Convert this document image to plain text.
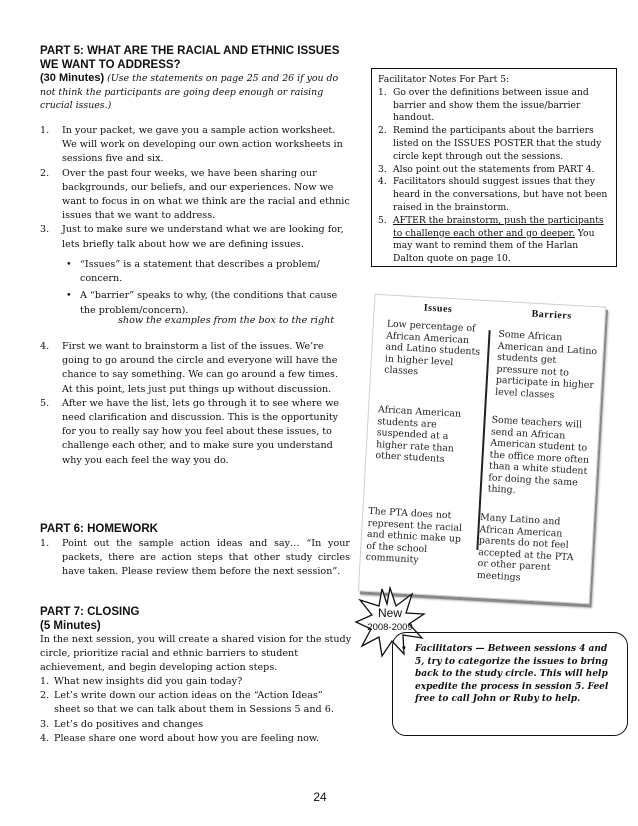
PART 5: WHAT ARE THE RACIAL AND ETHNIC ISSUES WE WANT TO ADDRESS?
(30 Minutes) (Use the statements on page 25 and 26 if you do not think the participants are going deep enough or raising crucial issues.)
1. In your packet, we gave you a sample action worksheet. We will work on developing our own action worksheets in sessions five and six.
2. Over the past four weeks, we have been sharing our backgrounds, our beliefs, and our experiences. Now we want to focus in on what we think are the racial and ethnic issues that we want to address.
3. Just to make sure we understand what we are looking for, lets briefly talk about how we are defining issues.
• “Issues” is a statement that describes a problem/ concern.
• A “barrier” speaks to why, (the conditions that cause the problem/concern).
show the examples from the box to the right
4. First we want to brainstorm a list of the issues. We’re going to go around the circle and everyone will have the chance to say something. We can go around a few times. At this point, lets just put things up without discussion.
5. After we have the list, lets go through it to see where we need clarification and discussion. This is the opportunity for you to really say how you feel about these issues, to challenge each other, and to make sure you understand why you each feel the way you do.
Facilitator Notes For Part 5:
1. Go over the definitions between issue and barrier and show them the issue/barrier handout.
2. Remind the participants about the barriers listed on the ISSUES POSTER that the study circle kept through out the sessions.
3. Also point out the statements from PART 4.
4. Facilitators should suggest issues that they heard in the conversations, but have not been raised in the brainstorm.
5. AFTER the brainstorm, push the participants to challenge each other and go deeper. You may want to remind them of the Harlan Dalton quote on page 10.
Issues	Barriers
Low percentage of African American and Latino students in higher level classes
African American students are suspended at a higher rate than other students
The PTA does not represent the racial and ethnic make up of the school community
Some African American and Latino students get pressure not to participate in higher level classes
Some teachers will send an African American student to the office more often than a white student for doing the same thing.
Many Latino and African American parents do not feel accepted at the PTA or other parent meetings
PART 6: HOMEWORK
1. Point out the sample action ideas and say… “In your packets, there are action steps that other study circles have taken. Please review them before the next session”.
PART 7: CLOSING
(5 Minutes)
In the next session, you will create a shared vision for the study circle, prioritize racial and ethnic barriers to student achievement, and begin developing action steps.
1. What new insights did you gain today?
2. Let’s write down our action ideas on the “Action Ideas” sheet so that we can talk about them in Sessions 5 and 6.
3. Let’s do positives and changes
4. Please share one word about how you are feeling now.
New
2008-2009
• Facilitators — Between sessions 4 and 5, try to categorize the issues to bring back to the study circle. This will help expedite the process in session 5. Feel free to call John or Ruby to help.
24
